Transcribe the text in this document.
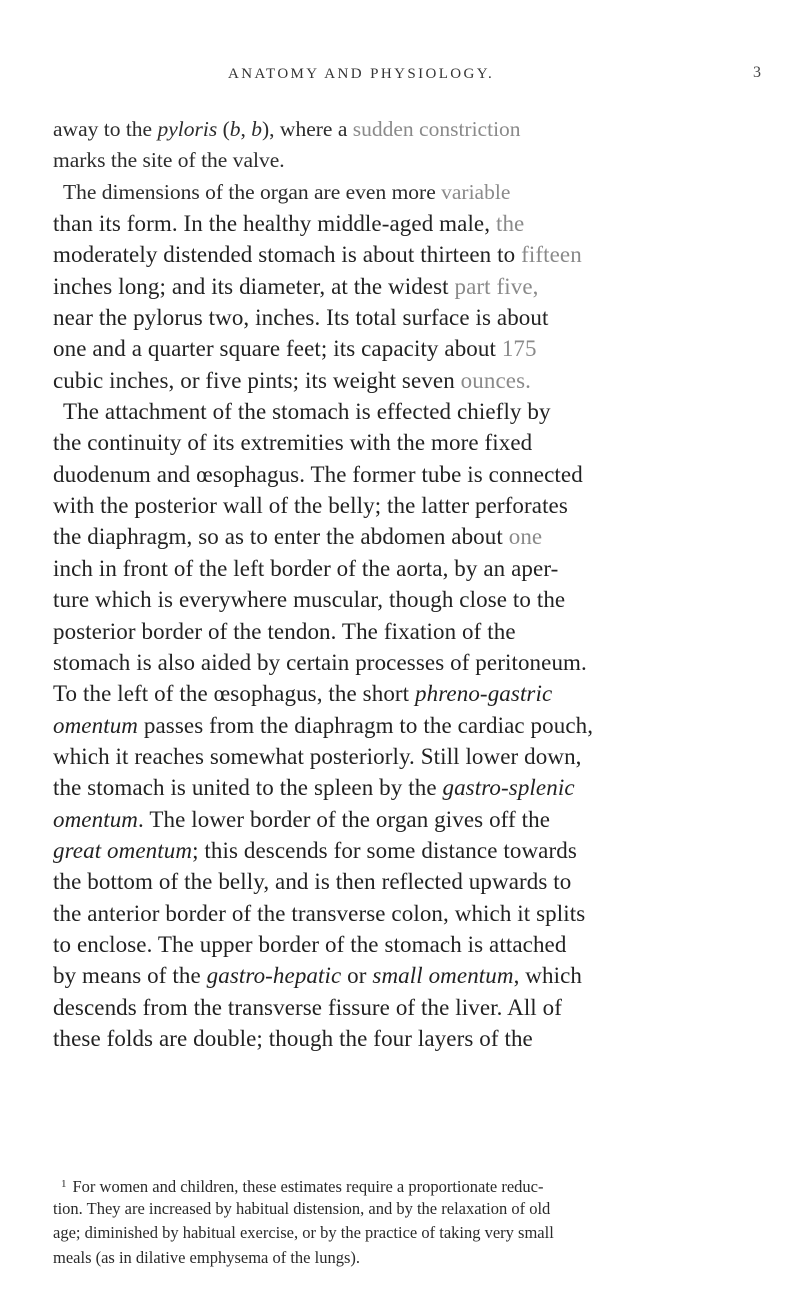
ANATOMY AND PHYSIOLOGY.	3
away to the pyloris (b, b), where a sudden constriction
marks the site of the valve.
The dimensions of the organ are even more variable
than its form. In the healthy middle-aged male, the
moderately distended stomach is about thirteen to fifteen
inches long; and its diameter, at the widest part five,
near the pylorus two, inches. Its total surface is about
one and a quarter square feet; its capacity about 175
cubic inches, or five pints; its weight seven ounces.
The attachment of the stomach is effected chiefly by
the continuity of its extremities with the more fixed
duodenum and œsophagus. The former tube is connected
with the posterior wall of the belly; the latter perforates
the diaphragm, so as to enter the abdomen about one
inch in front of the left border of the aorta, by an aper-
ture which is everywhere muscular, though close to the
posterior border of the tendon. The fixation of the
stomach is also aided by certain processes of peritoneum.
To the left of the œsophagus, the short phreno-gastric
omentum passes from the diaphragm to the cardiac pouch,
which it reaches somewhat posteriorly. Still lower down,
the stomach is united to the spleen by the gastro-splenic
omentum. The lower border of the organ gives off the
great omentum; this descends for some distance towards
the bottom of the belly, and is then reflected upwards to
the anterior border of the transverse colon, which it splits
to enclose. The upper border of the stomach is attached
by means of the gastro-hepatic or small omentum, which
descends from the transverse fissure of the liver. All of
these folds are double; though the four layers of the
$^1$ For women and children, these estimates require a proportionate reduc-
tion. They are increased by habitual distension, and by the relaxation of old
age; diminished by habitual exercise, or by the practice of taking very small
meals (as in dilative emphysema of the lungs).
